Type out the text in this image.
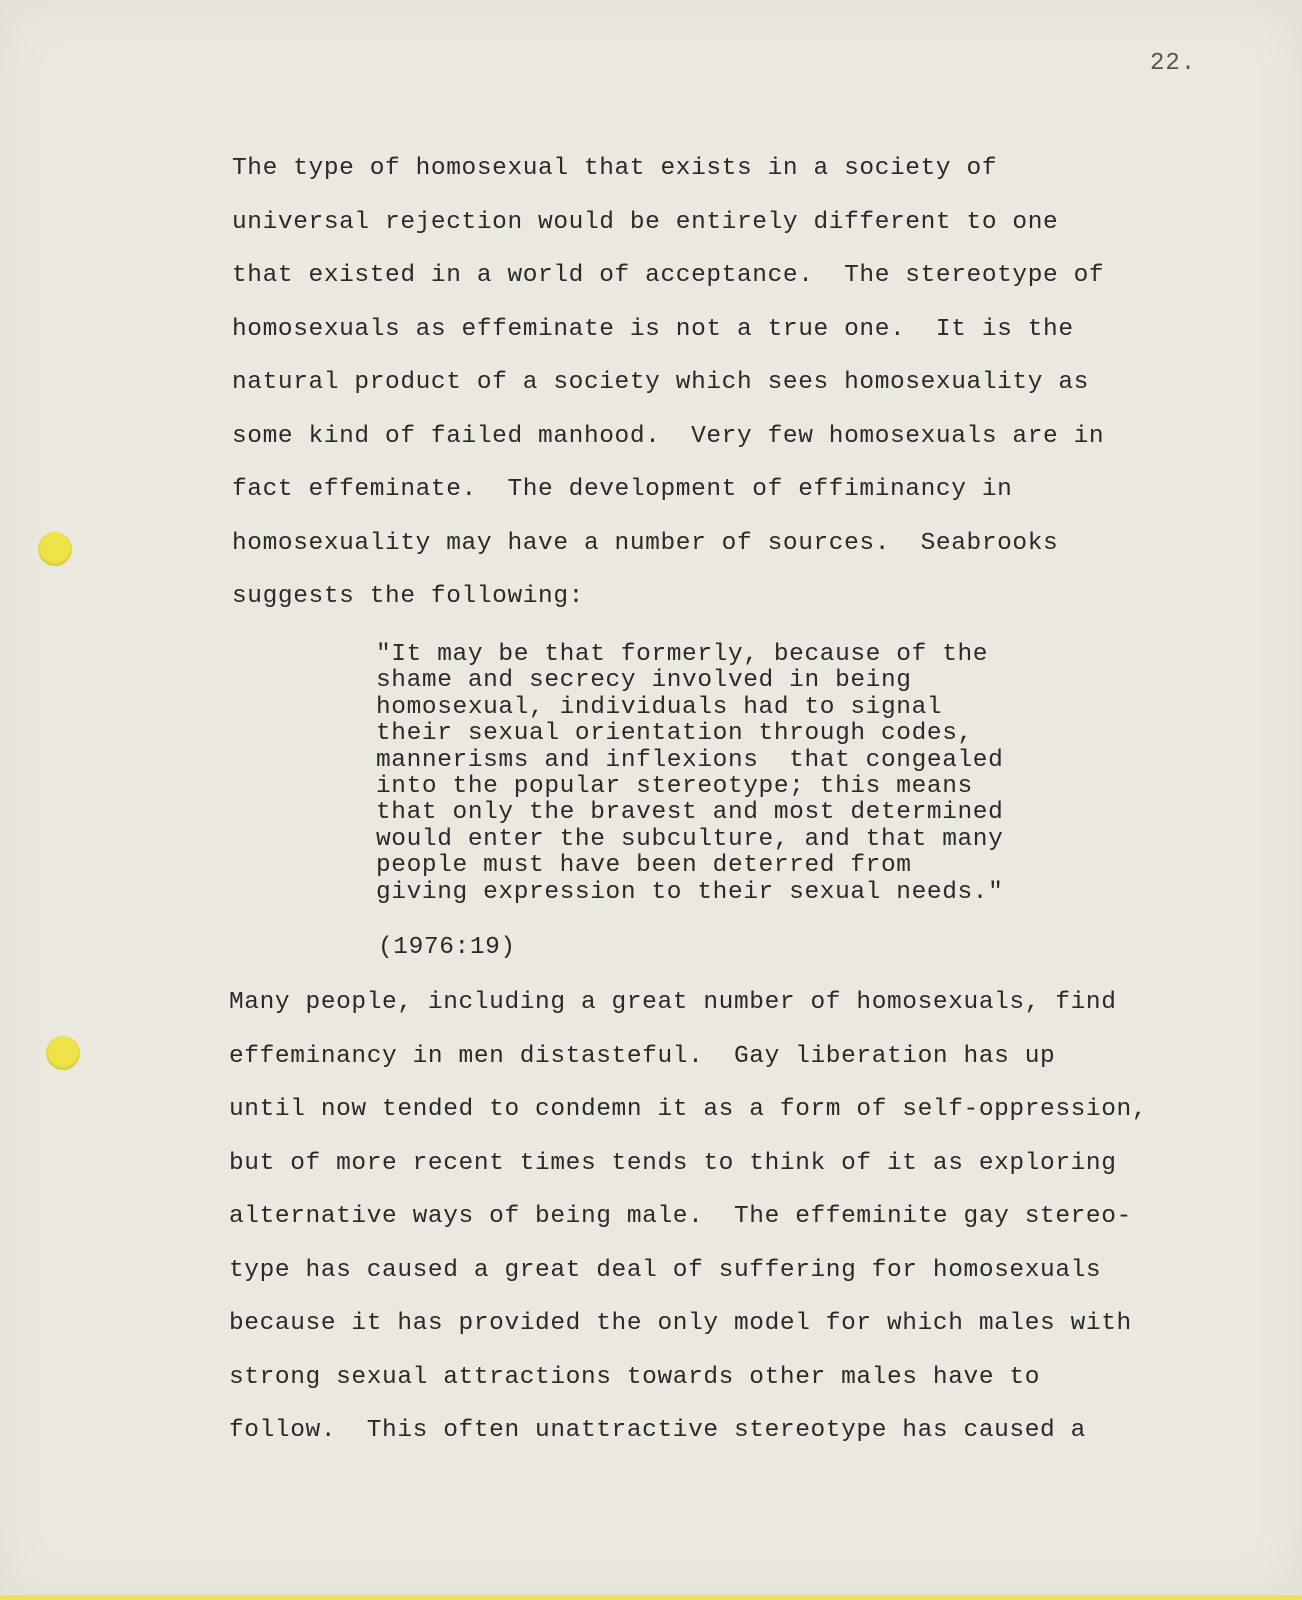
22.
The type of homosexual that exists in a society of
universal rejection would be entirely different to one
that existed in a world of acceptance.  The stereotype of
homosexuals as effeminate is not a true one.  It is the
natural product of a society which sees homosexuality as
some kind of failed manhood.  Very few homosexuals are in
fact effeminate.  The development of effiminancy in
homosexuality may have a number of sources.  Seabrooks
suggests the following:
"It may be that formerly, because of the
shame and secrecy involved in being
homosexual, individuals had to signal
their sexual orientation through codes,
mannerisms and inflexions  that congealed
into the popular stereotype; this means
that only the bravest and most determined
would enter the subculture, and that many
people must have been deterred from
giving expression to their sexual needs."
(1976:19)
Many people, including a great number of homosexuals, find
effeminancy in men distasteful.  Gay liberation has up
until now tended to condemn it as a form of self-oppression,
but of more recent times tends to think of it as exploring
alternative ways of being male.  The effeminite gay stereo-
type has caused a great deal of suffering for homosexuals
because it has provided the only model for which males with
strong sexual attractions towards other males have to
follow.  This often unattractive stereotype has caused a
